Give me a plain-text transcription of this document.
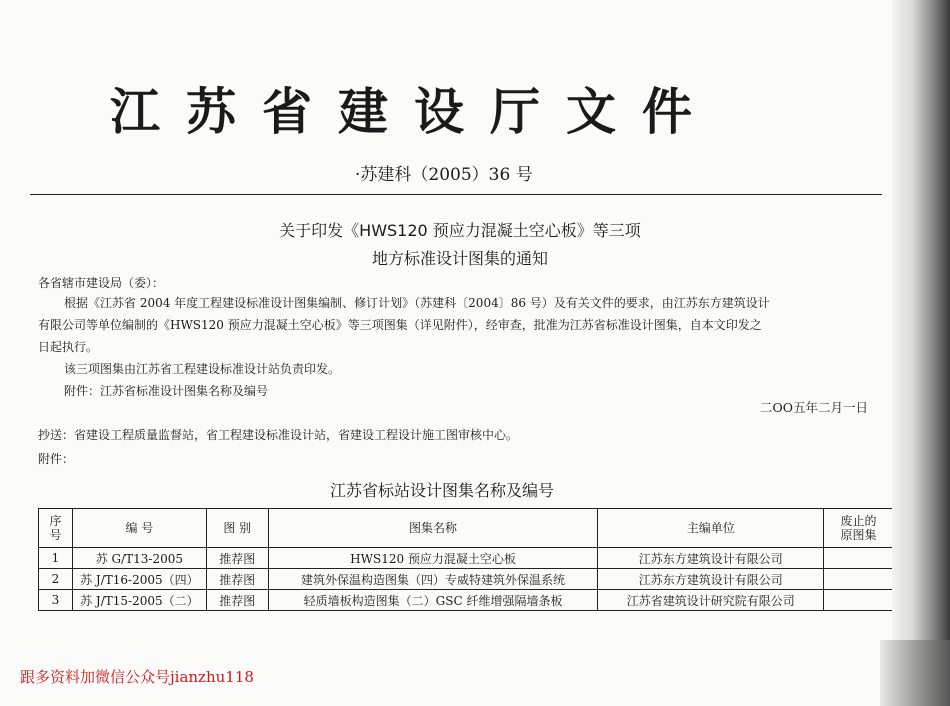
江苏省建设厅文件
·苏建科（2005）36 号
关于印发《HWS120 预应力混凝土空心板》等三项
地方标准设计图集的通知
各省辖市建设局（委）：
根据《江苏省 2004 年度工程建设标准设计图集编制、修订计划》（苏建科〔2004〕86 号）及有关文件的要求，由江苏东方建筑设计
有限公司等单位编制的《HWS120 预应力混凝土空心板》等三项图集（详见附件），经审查，批准为江苏省标准设计图集，自本文印发之
日起执行。
该三项图集由江苏省工程建设标准设计站负责印发。
附件：江苏省标准设计图集名称及编号
二OO五年二月一日
抄送：省建设工程质量监督站，省工程建设标准设计站，省建设工程设计施工图审核中心。
附件：
江苏省标站设计图集名称及编号
序号	编 号	图 别	图集名称	主编单位	废止的原图集
1	苏 G/T13-2005	推荐图	HWS120 预应力混凝土空心板	江苏东方建筑设计有限公司	
2	苏 J/T16-2005（四）	推荐图	建筑外保温构造图集（四）专威特建筑外保温系统	江苏东方建筑设计有限公司	
3	苏 J/T15-2005（二）	推荐图	轻质墙板构造图集（二）GSC 纤维增强隔墙条板	江苏省建筑设计研究院有限公司	
跟多资料加微信公众号jianzhu118
